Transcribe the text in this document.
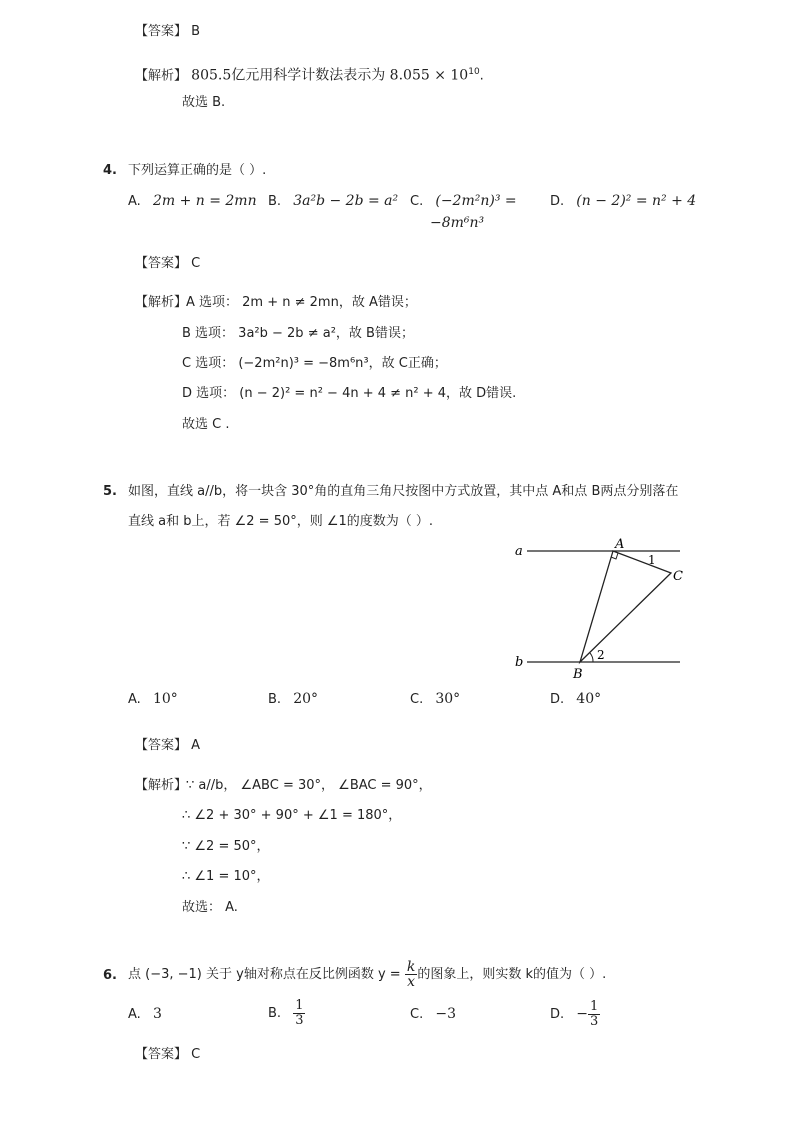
【答案】 B
【解析】 805.5亿元用科学计数法表示为 $8.055 \times 10^{10}$.
故选 B.
4. 下列运算正确的是（ ）.
A. 2m + n = 2mn B. 3a²b − 2b = a² C. (−2m²n)³ =
−8m⁶n³
D. (n − 2)² = n² + 4
【答案】 C
【解析】
A 选项： 2m + n ≠ 2mn，故 A错误；
B 选项： 3a²b − 2b ≠ a²，故 B错误；
C 选项： (−2m²n)³ = −8m⁶n³，故 C正确；
D 选项： (n − 2)² = n² − 4n + 4 ≠ n² + 4，故 D错误.
故选 C .
5. 如图，直线 a//b，将一块含 30°角的直角三角尺按图中方式放置，其中点 A和点 B两点分别落在
直线 a和 b上，若 ∠2 = 50°，则 ∠1的度数为（ ）.
a
b
A
B
C
1
2
A. 10°	B. 20°	C. 30°	D. 40°
【答案】 A
【解析】
∵ a//b， ∠ABC = 30°， ∠BAC = 90°，
∴ ∠2 + 30° + 90° + ∠1 = 180°，
∵ ∠2 = 50°，
∴ ∠1 = 10°，
故选： A.
6. 点 (−3, −1) 关于 y轴对称点在反比例函数 $y = \frac{k}{x}$ 的图象上，则实数 k的值为（ ）.
A. 3	B. $\frac{1}{3}$	C. −3	D. − $\frac{1}{3}$
【答案】 C
